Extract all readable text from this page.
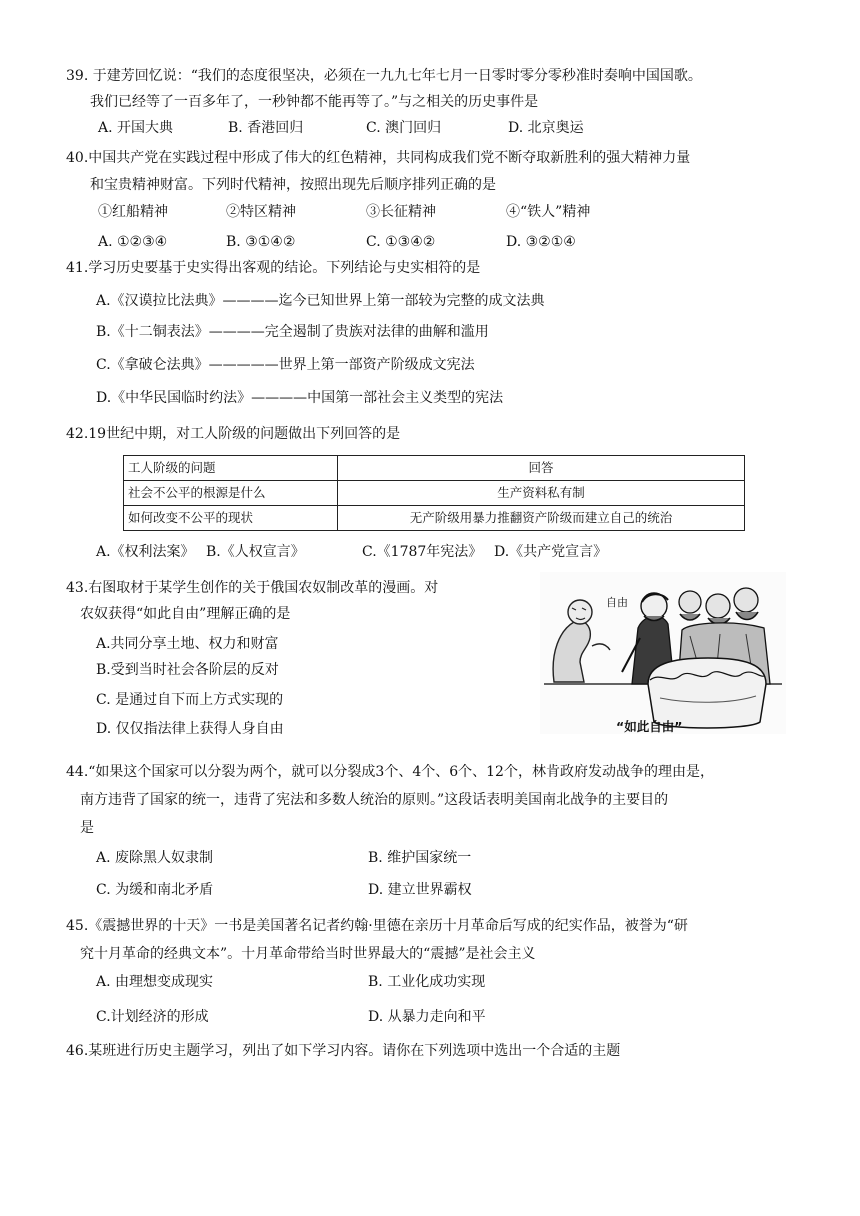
39. 于建芳回忆说：“我们的态度很坚决，必须在一九九七年七月一日零时零分零秒准时奏响中国国歌。
我们已经等了一百多年了，一秒钟都不能再等了。”与之相关的历史事件是
A. 开国大典	B. 香港回归	C. 澳门回归	D. 北京奥运
40.中国共产党在实践过程中形成了伟大的红色精神，共同构成我们党不断夺取新胜利的强大精神力量
和宝贵精神财富。下列时代精神，按照出现先后顺序排列正确的是
①红船精神	②特区精神	③长征精神	④“铁人”精神
A. ①②③④	B. ③①④②	C. ①③④②	D. ③②①④
41.学习历史要基于史实得出客观的结论。下列结论与史实相符的是
A.《汉谟拉比法典》————迄今已知世界上第一部较为完整的成文法典
B.《十二铜表法》————完全遏制了贵族对法律的曲解和滥用
C.《拿破仑法典》—————世界上第一部资产阶级成文宪法
D.《中华民国临时约法》————中国第一部社会主义类型的宪法
42.19世纪中期，对工人阶级的问题做出下列回答的是
工人阶级的问题	回答
社会不公平的根源是什么	生产资料私有制
如何改变不公平的现状	无产阶级用暴力推翻资产阶级而建立自己的统治
A.《权利法案》 B.《人权宣言》	C.《1787年宪法》 D.《共产党宣言》
43.右图取材于某学生创作的关于俄国农奴制改革的漫画。对
农奴获得“如此自由”理解正确的是
A.共同分享土地、权力和财富
B.受到当时社会各阶层的反对
C. 是通过自下而上方式实现的
D. 仅仅指法律上获得人身自由
自由
“如此自由”
44.“如果这个国家可以分裂为两个，就可以分裂成3个、4个、6个、12个，林肯政府发动战争的理由是，
南方违背了国家的统一，违背了宪法和多数人统治的原则。”这段话表明美国南北战争的主要目的
是
A. 废除黑人奴隶制	B. 维护国家统一
C. 为缓和南北矛盾	D. 建立世界霸权
45.《震撼世界的十天》一书是美国著名记者约翰·里德在亲历十月革命后写成的纪实作品，被誉为“研
究十月革命的经典文本”。十月革命带给当时世界最大的“震撼”是社会主义
A. 由理想变成现实	B. 工业化成功实现
C.计划经济的形成	D. 从暴力走向和平
46.某班进行历史主题学习，列出了如下学习内容。请你在下列选项中选出一个合适的主题
